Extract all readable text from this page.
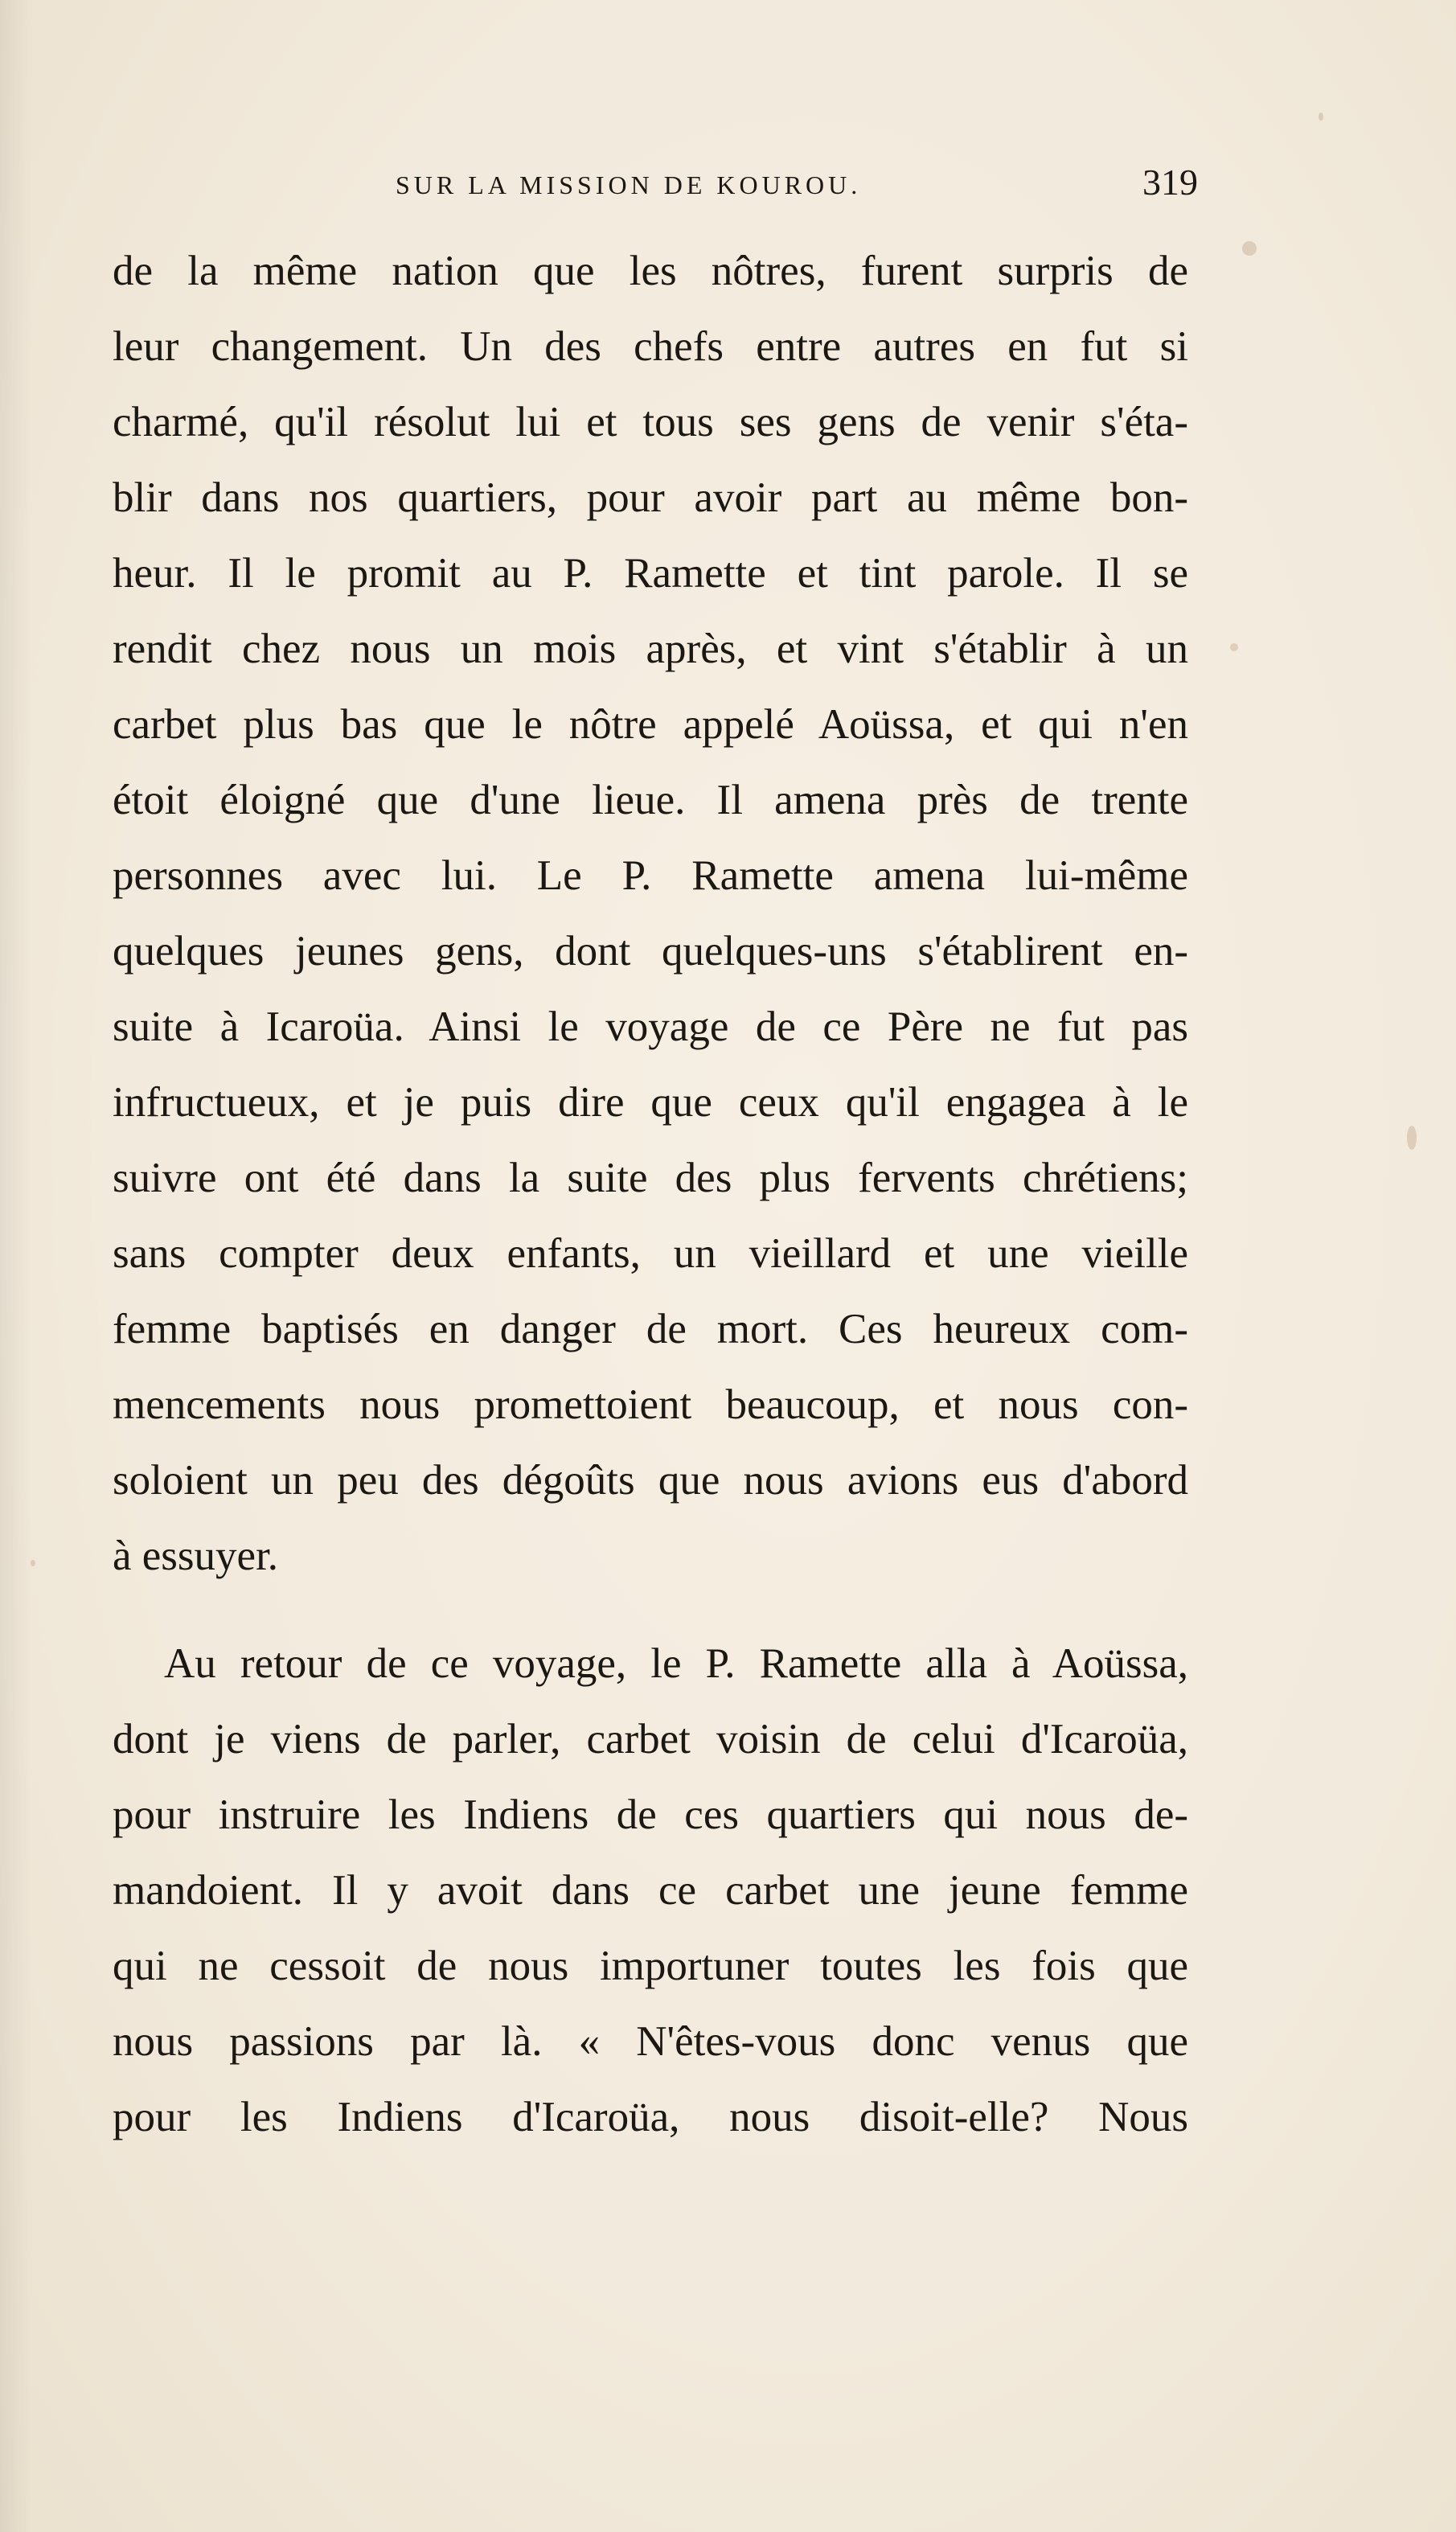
SUR LA MISSION DE KOUROU.	319
de la même nation que les nôtres, furent surpris de
leur changement. Un des chefs entre autres en fut si
charmé, qu'il résolut lui et tous ses gens de venir s'éta-
blir dans nos quartiers, pour avoir part au même bon-
heur. Il le promit au P. Ramette et tint parole. Il se
rendit chez nous un mois après, et vint s'établir à un
carbet plus bas que le nôtre appelé Aoüssa, et qui n'en
étoit éloigné que d'une lieue. Il amena près de trente
personnes avec lui. Le P. Ramette amena lui-même
quelques jeunes gens, dont quelques-uns s'établirent en-
suite à Icaroüa. Ainsi le voyage de ce Père ne fut pas
infructueux, et je puis dire que ceux qu'il engagea à le
suivre ont été dans la suite des plus fervents chrétiens;
sans compter deux enfants, un vieillard et une vieille
femme baptisés en danger de mort. Ces heureux com-
mencements nous promettoient beaucoup, et nous con-
soloient un peu des dégoûts que nous avions eus d'abord
à essuyer.
Au retour de ce voyage, le P. Ramette alla à Aoüssa,
dont je viens de parler, carbet voisin de celui d'Icaroüa,
pour instruire les Indiens de ces quartiers qui nous de-
mandoient. Il y avoit dans ce carbet une jeune femme
qui ne cessoit de nous importuner toutes les fois que
nous passions par là. « N'êtes-vous donc venus que
pour les Indiens d'Icaroüa, nous disoit-elle? Nous
